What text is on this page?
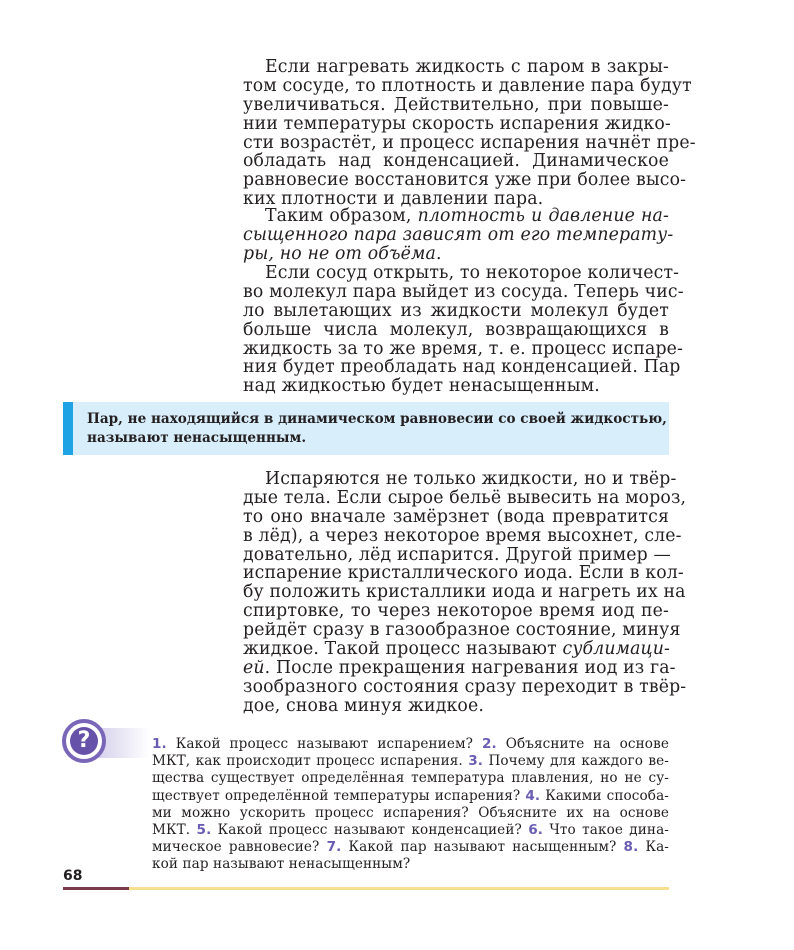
Если нагревать жидкость с паром в закры-
том сосуде, то плотность и давление пара будут
увеличиваться. Действительно, при повыше-
нии температуры скорость испарения жидко-
сти возрастёт, и процесс испарения начнёт пре-
обладать над конденсацией. Динамическое
равновесие восстановится уже при более высо-
ких плотности и давлении пара.
Таким образом, плотность и давление на-
сыщенного пара зависят от его температу-
ры, но не от объёма.
Если сосуд открыть, то некоторое количест-
во молекул пара выйдет из сосуда. Теперь чис-
ло вылетающих из жидкости молекул будет
больше числа молекул, возвращающихся в
жидкость за то же время, т. е. процесс испаре-
ния будет преобладать над конденсацией. Пар
над жидкостью будет ненасыщенным.
Пар, не находящийся в динамическом равновесии со своей жидкостью,
называют ненасыщенным.
Испаряются не только жидкости, но и твёр-
дые тела. Если сырое бельё вывесить на мороз,
то оно вначале замёрзнет (вода превратится
в лёд), а через некоторое время высохнет, сле-
довательно, лёд испарится. Другой пример —
испарение кристаллического иода. Если в кол-
бу положить кристаллики иода и нагреть их на
спиртовке, то через некоторое время иод пе-
рейдёт сразу в газообразное состояние, минуя
жидкое. Такой процесс называют сублимаци-
ей. После прекращения нагревания иод из га-
зообразного состояния сразу переходит в твёр-
дое, снова минуя жидкое.
?	1. Какой процесс называют испарением? 2. Объясните на основе
МКТ, как происходит процесс испарения. 3. Почему для каждого ве-
щества существует определённая температура плавления, но не су-
ществует определённой температуры испарения? 4. Какими способа-
ми можно ускорить процесс испарения? Объясните их на основе
МКТ. 5. Какой процесс называют конденсацией? 6. Что такое дина-
мическое равновесие? 7. Какой пар называют насыщенным? 8. Ка-
кой пар называют ненасыщенным?
68
